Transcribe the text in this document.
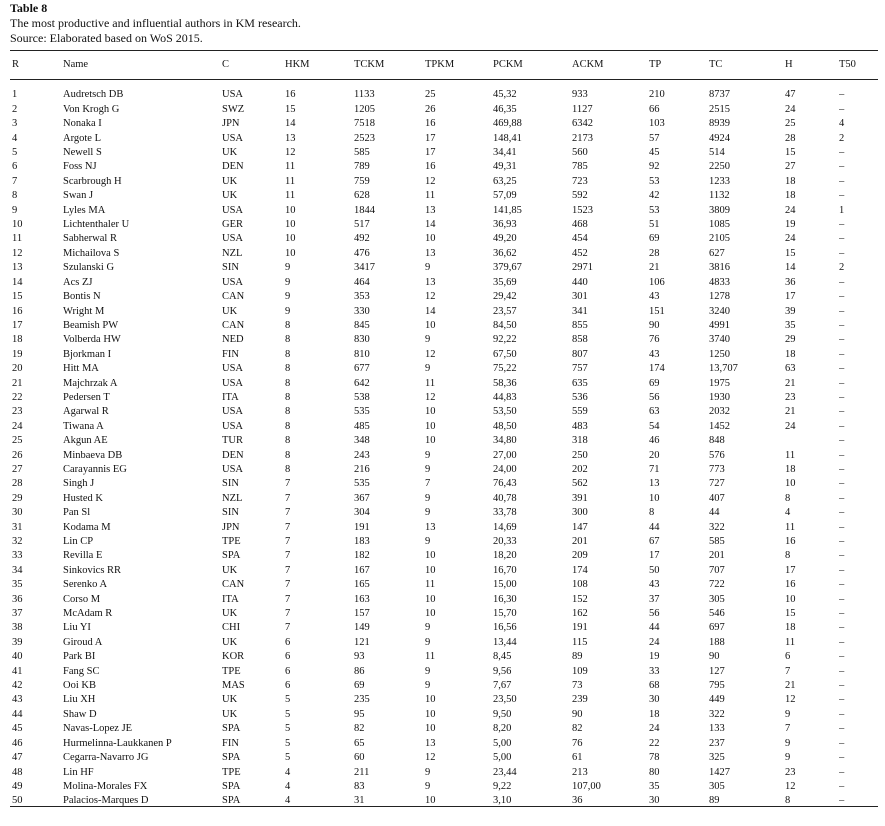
Table 8
The most productive and influential authors in KM research.
Source: Elaborated based on WoS 2015.
R	Name	C	HKM	TCKM	TPKM	PCKM	ACKM	TP	TC	H	T50

1	Audretsch DB	USA	16	1133	25	45,32	933	210	8737	47	–
2	Von Krogh G	SWZ	15	1205	26	46,35	1127	66	2515	24	–
3	Nonaka I	JPN	14	7518	16	469,88	6342	103	8939	25	4
4	Argote L	USA	13	2523	17	148,41	2173	57	4924	28	2
5	Newell S	UK	12	585	17	34,41	560	45	514	15	–
6	Foss NJ	DEN	11	789	16	49,31	785	92	2250	27	–
7	Scarbrough H	UK	11	759	12	63,25	723	53	1233	18	–
8	Swan J	UK	11	628	11	57,09	592	42	1132	18	–
9	Lyles MA	USA	10	1844	13	141,85	1523	53	3809	24	1
10	Lichtenthaler U	GER	10	517	14	36,93	468	51	1085	19	–
11	Sabherwal R	USA	10	492	10	49,20	454	69	2105	24	–
12	Michailova S	NZL	10	476	13	36,62	452	28	627	15	–
13	Szulanski G	SIN	9	3417	9	379,67	2971	21	3816	14	2
14	Acs ZJ	USA	9	464	13	35,69	440	106	4833	36	–
15	Bontis N	CAN	9	353	12	29,42	301	43	1278	17	–
16	Wright M	UK	9	330	14	23,57	341	151	3240	39	–
17	Beamish PW	CAN	8	845	10	84,50	855	90	4991	35	–
18	Volberda HW	NED	8	830	9	92,22	858	76	3740	29	–
19	Bjorkman I	FIN	8	810	12	67,50	807	43	1250	18	–
20	Hitt MA	USA	8	677	9	75,22	757	174	13,707	63	–
21	Majchrzak A	USA	8	642	11	58,36	635	69	1975	21	–
22	Pedersen T	ITA	8	538	12	44,83	536	56	1930	23	–
23	Agarwal R	USA	8	535	10	53,50	559	63	2032	21	–
24	Tiwana A	USA	8	485	10	48,50	483	54	1452	24	–
25	Akgun AE	TUR	8	348	10	34,80	318	46	848		–
26	Minbaeva DB	DEN	8	243	9	27,00	250	20	576	11	–
27	Carayannis EG	USA	8	216	9	24,00	202	71	773	18	–
28	Singh J	SIN	7	535	7	76,43	562	13	727	10	–
29	Husted K	NZL	7	367	9	40,78	391	10	407	8	–
30	Pan Sl	SIN	7	304	9	33,78	300	8	44	4	–
31	Kodama M	JPN	7	191	13	14,69	147	44	322	11	–
32	Lin CP	TPE	7	183	9	20,33	201	67	585	16	–
33	Revilla E	SPA	7	182	10	18,20	209	17	201	8	–
34	Sinkovics RR	UK	7	167	10	16,70	174	50	707	17	–
35	Serenko A	CAN	7	165	11	15,00	108	43	722	16	–
36	Corso M	ITA	7	163	10	16,30	152	37	305	10	–
37	McAdam R	UK	7	157	10	15,70	162	56	546	15	–
38	Liu YI	CHI	7	149	9	16,56	191	44	697	18	–
39	Giroud A	UK	6	121	9	13,44	115	24	188	11	–
40	Park BI	KOR	6	93	11	8,45	89	19	90	6	–
41	Fang SC	TPE	6	86	9	9,56	109	33	127	7	–
42	Ooi KB	MAS	6	69	9	7,67	73	68	795	21	–
43	Liu XH	UK	5	235	10	23,50	239	30	449	12	–
44	Shaw D	UK	5	95	10	9,50	90	18	322	9	–
45	Navas-Lopez JE	SPA	5	82	10	8,20	82	24	133	7	–
46	Hurmelinna-Laukkanen P	FIN	5	65	13	5,00	76	22	237	9	–
47	Cegarra-Navarro JG	SPA	5	60	12	5,00	61	78	325	9	–
48	Lin HF	TPE	4	211	9	23,44	213	80	1427	23	–
49	Molina-Morales FX	SPA	4	83	9	9,22	107,00	35	305	12	–
50	Palacios-Marques D	SPA	4	31	10	3,10	36	30	89	8	–
